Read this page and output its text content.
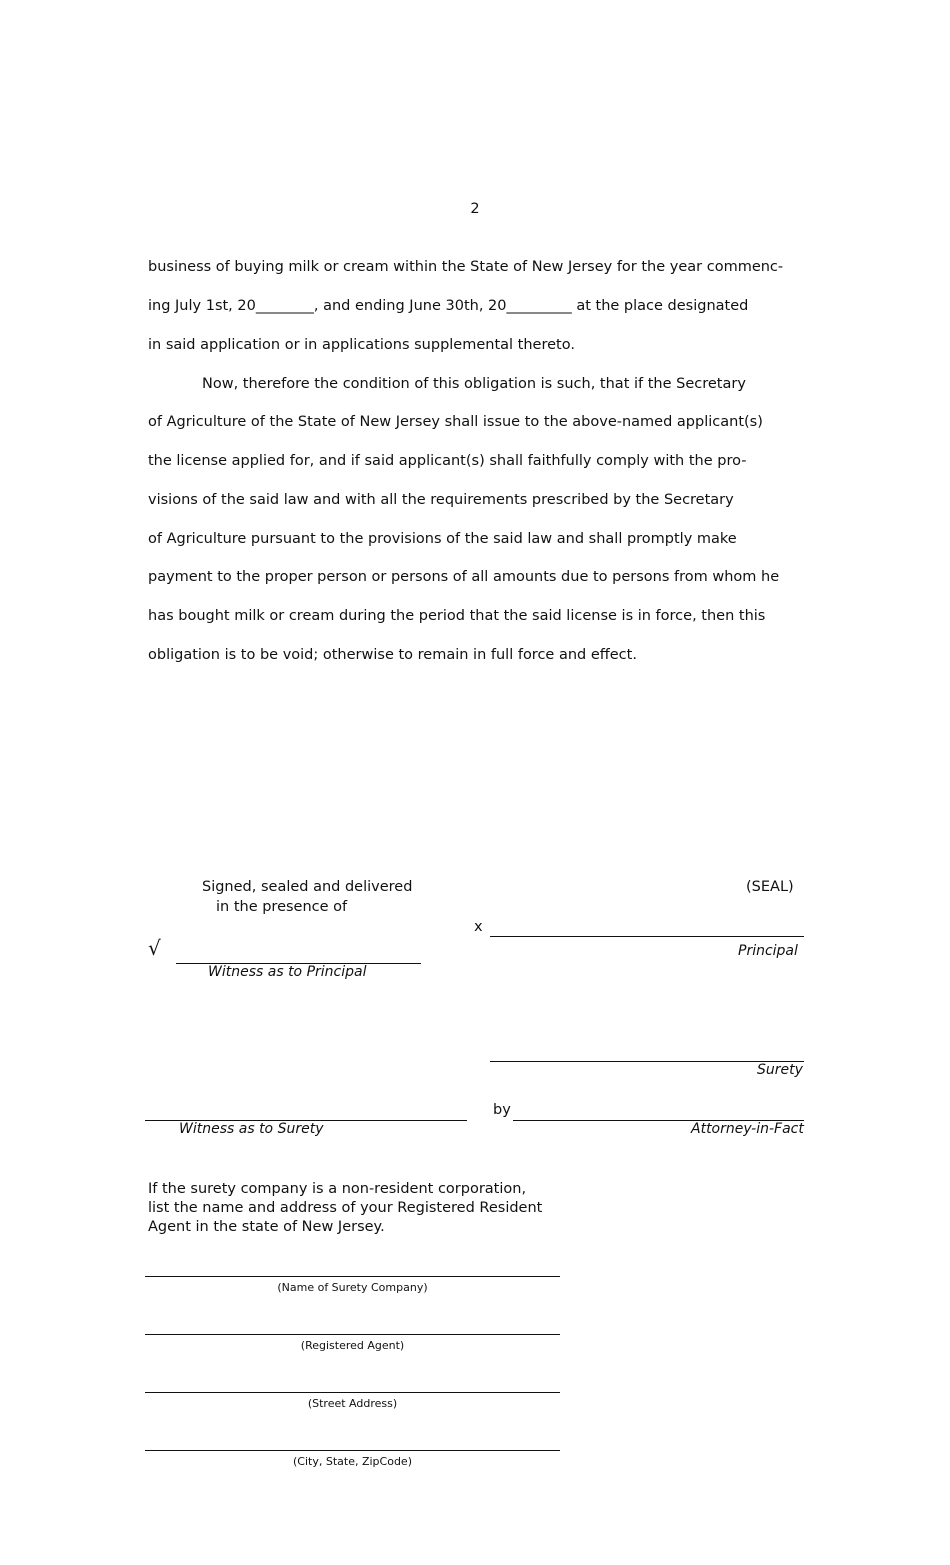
2
business of buying milk or cream within the State of New Jersey for the year commenc-
ing July 1st, 20________, and ending June 30th, 20_________ at the place designated
in said application or in applications supplemental thereto.
Now, therefore the condition of this obligation is such, that if the Secretary
of Agriculture of the State of New Jersey shall issue to the above-named applicant(s)
the license applied for, and if said applicant(s) shall faithfully comply with the pro-
visions of the said law and with all the requirements prescribed by the Secretary
of Agriculture pursuant to the provisions of the said law and shall promptly make
payment to the proper person or persons of all amounts due to persons from whom he
has bought milk or cream during the period that the said license is in force, then this
obligation is to be void; otherwise to remain in full force and effect.
Signed, sealed and delivered
in the presence of
(SEAL)
x
Principal
√
Witness as to Principal
Surety
Witness as to Surety
by
Attorney-in-Fact
If the surety company is a non-resident corporation,
list the name and address of your Registered Resident
Agent in the state of New Jersey.
(Name of Surety Company)
(Registered Agent)
(Street Address)
(City, State, ZipCode)
